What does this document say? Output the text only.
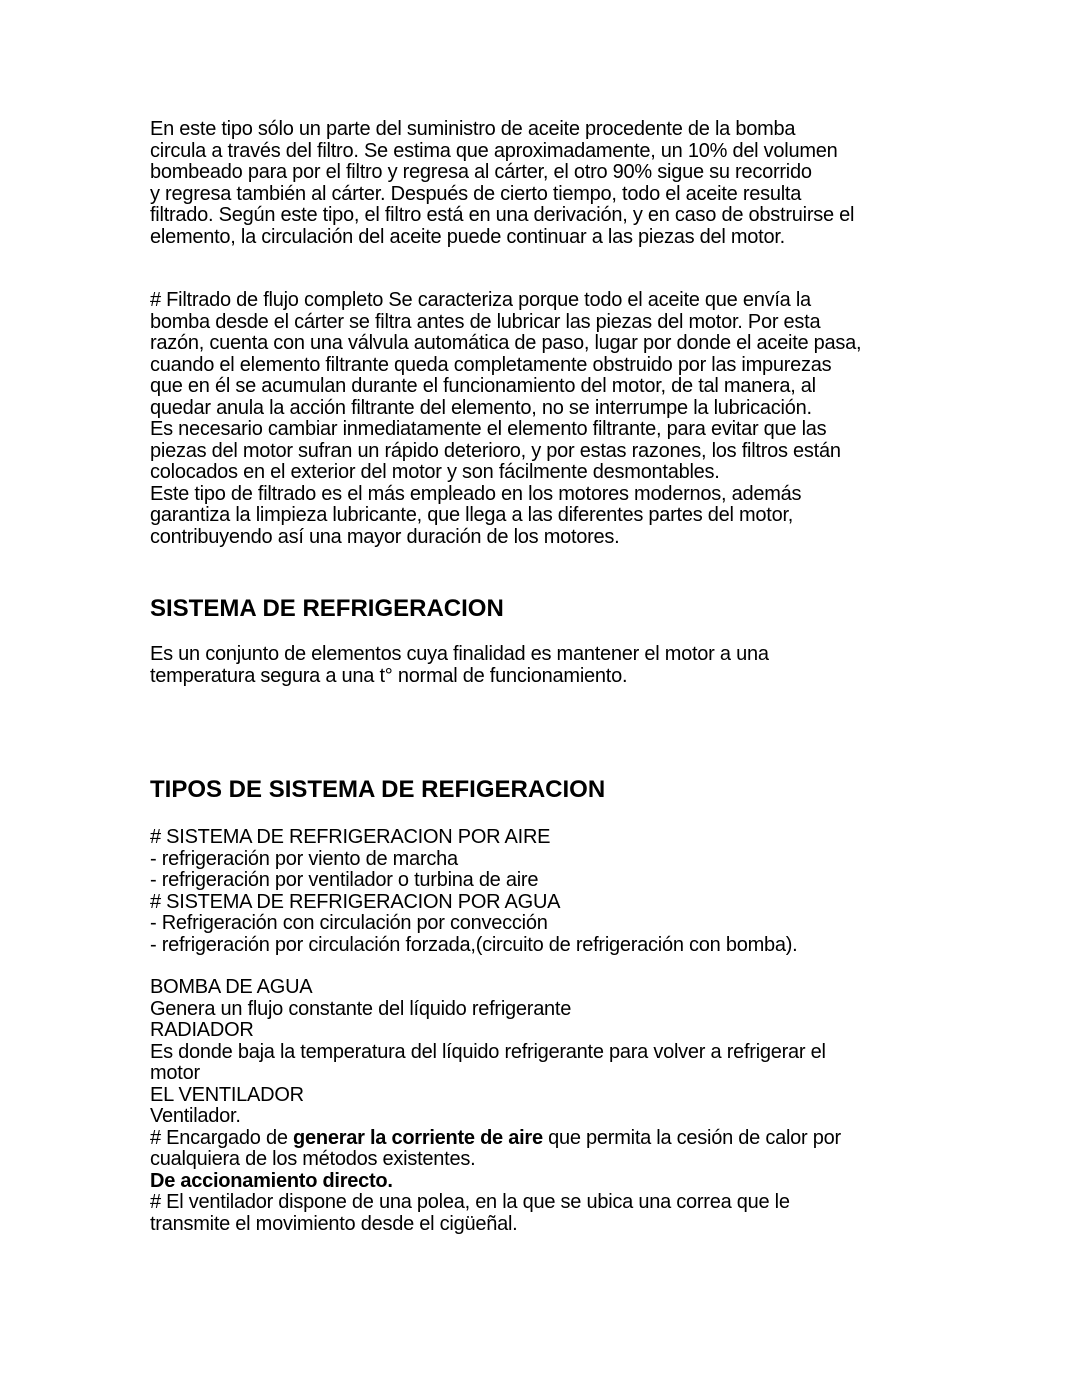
En este tipo sólo un parte del suministro de aceite procedente de la bomba
circula a través del filtro. Se estima que aproximadamente, un 10% del volumen
bombeado para por el filtro y regresa al cárter, el otro 90% sigue su recorrido
y regresa también al cárter. Después de cierto tiempo, todo el aceite resulta
filtrado. Según este tipo, el filtro está en una derivación, y en caso de obstruirse el
elemento, la circulación del aceite puede continuar a las piezas del motor.
# Filtrado de flujo completo Se caracteriza porque todo el aceite que envía la
bomba desde el cárter se filtra antes de lubricar las piezas del motor. Por esta
razón, cuenta con una válvula automática de paso, lugar por donde el aceite pasa,
cuando el elemento filtrante queda completamente obstruido por las impurezas
que en él se acumulan durante el funcionamiento del motor, de tal manera, al
quedar anula la acción filtrante del elemento, no se interrumpe la lubricación.
Es necesario cambiar inmediatamente el elemento filtrante, para evitar que las
piezas del motor sufran un rápido deterioro, y por estas razones, los filtros están
colocados en el exterior del motor y son fácilmente desmontables.
Este tipo de filtrado es el más empleado en los motores modernos, además
garantiza la limpieza lubricante, que llega a las diferentes partes del motor,
contribuyendo así una mayor duración de los motores.
SISTEMA DE REFRIGERACION
Es un conjunto de elementos cuya finalidad es mantener el motor a una
temperatura segura a una t° normal de funcionamiento.
TIPOS DE SISTEMA DE REFIGERACION
# SISTEMA DE REFRIGERACION POR AIRE
- refrigeración por viento de marcha
- refrigeración por ventilador o turbina de aire
# SISTEMA DE REFRIGERACION POR AGUA
- Refrigeración con circulación por convección
- refrigeración por circulación forzada,(circuito de refrigeración con bomba).
BOMBA DE AGUA
Genera un flujo constante del líquido refrigerante
RADIADOR
Es donde baja la temperatura del líquido refrigerante para volver a refrigerar el
motor
EL VENTILADOR
Ventilador.
# Encargado de generar la corriente de aire que permita la cesión de calor por
cualquiera de los métodos existentes.
De accionamiento directo.
# El ventilador dispone de una polea, en la que se ubica una correa que le
transmite el movimiento desde el cigüeñal.
